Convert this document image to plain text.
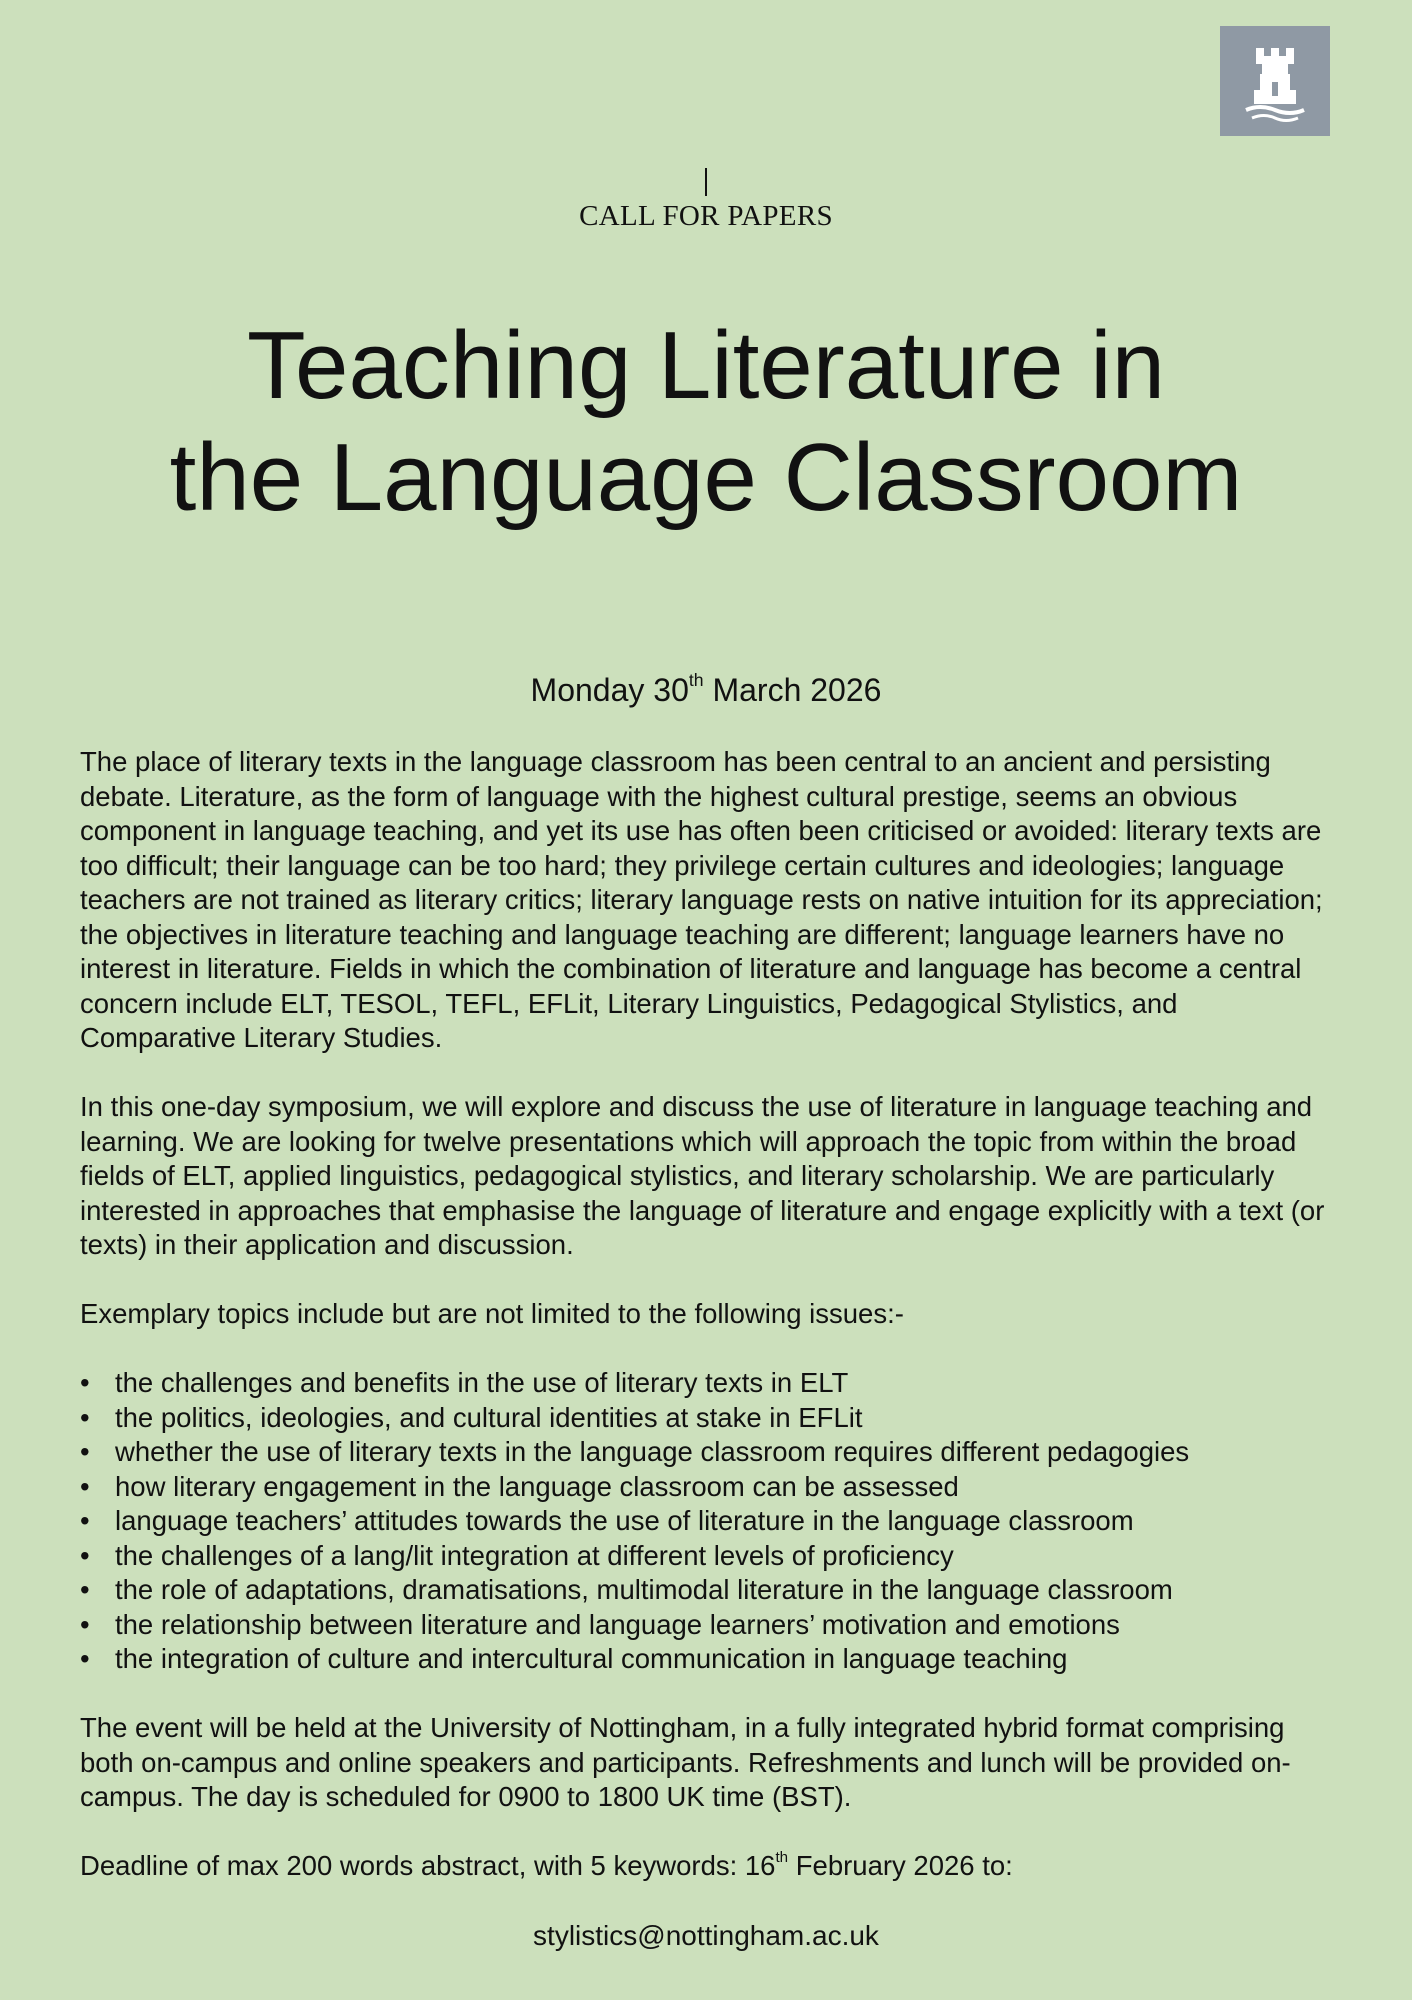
CALL FOR PAPERS
Teaching Literature in
the Language Classroom
Monday 30th March 2026

The place of literary texts in the language classroom has been central to an ancient and persisting debate. Literature, as the form of language with the highest cultural prestige, seems an obvious component in language teaching, and yet its use has often been criticised or avoided: literary texts are too difficult; their language can be too hard; they privilege certain cultures and ideologies; language teachers are not trained as literary critics; literary language rests on native intuition for its appreciation; the objectives in literature teaching and language teaching are different; language learners have no interest in literature. Fields in which the combination of literature and language has become a central concern include ELT, TESOL, TEFL, EFLit, Literary Linguistics, Pedagogical Stylistics, and Comparative Literary Studies.

In this one-day symposium, we will explore and discuss the use of literature in language teaching and learning. We are looking for twelve presentations which will approach the topic from within the broad fields of ELT, applied linguistics, pedagogical stylistics, and literary scholarship. We are particularly interested in approaches that emphasise the language of literature and engage explicitly with a text (or texts) in their application and discussion.

Exemplary topics include but are not limited to the following issues:-

• the challenges and benefits in the use of literary texts in ELT
• the politics, ideologies, and cultural identities at stake in EFLit
• whether the use of literary texts in the language classroom requires different pedagogies
• how literary engagement in the language classroom can be assessed
• language teachers’ attitudes towards the use of literature in the language classroom
• the challenges of a lang/lit integration at different levels of proficiency
• the role of adaptations, dramatisations, multimodal literature in the language classroom
• the relationship between literature and language learners’ motivation and emotions
• the integration of culture and intercultural communication in language teaching

The event will be held at the University of Nottingham, in a fully integrated hybrid format comprising both on-campus and online speakers and participants. Refreshments and lunch will be provided on-campus. The day is scheduled for 0900 to 1800 UK time (BST).

Deadline of max 200 words abstract, with 5 keywords: 16th February 2026 to:

stylistics@nottingham.ac.uk
